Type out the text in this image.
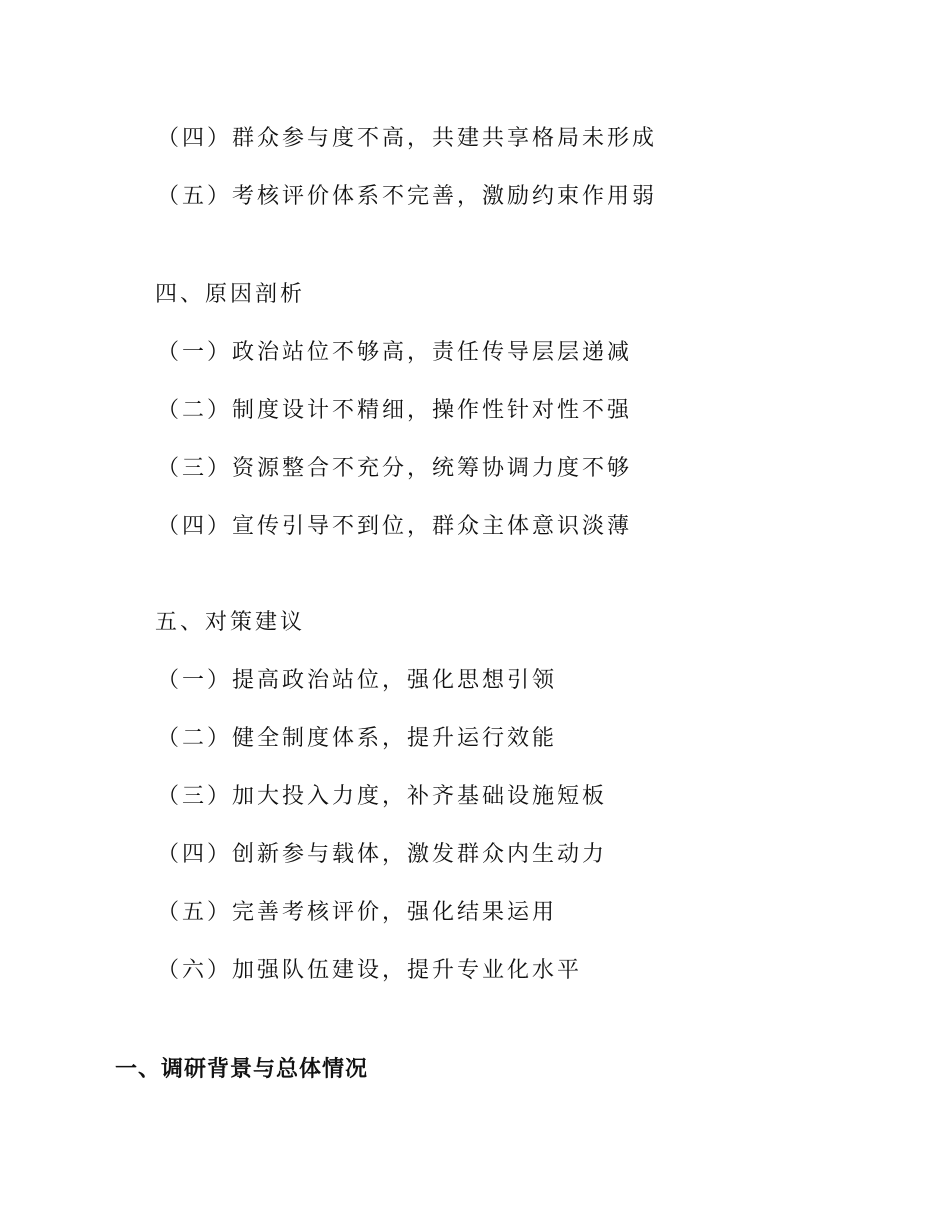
（四）群众参与度不高，共建共享格局未形成
（五）考核评价体系不完善，激励约束作用弱
四、原因剖析
（一）政治站位不够高，责任传导层层递减
（二）制度设计不精细，操作性针对性不强
（三）资源整合不充分，统筹协调力度不够
（四）宣传引导不到位，群众主体意识淡薄
五、对策建议
（一）提高政治站位，强化思想引领
（二）健全制度体系，提升运行效能
（三）加大投入力度，补齐基础设施短板
（四）创新参与载体，激发群众内生动力
（五）完善考核评价，强化结果运用
（六）加强队伍建设，提升专业化水平
一、调研背景与总体情况
